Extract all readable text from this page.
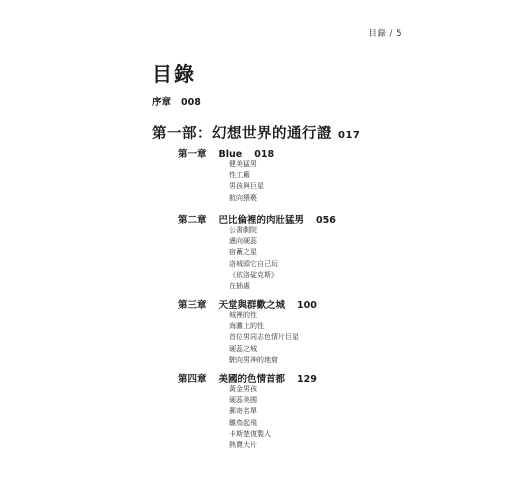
目錄 / 5
目錄
序章 008
第一部：幻想世界的通行證 017
第一章 Blue 018
健美猛男
性工廠
男孩與巨星
航向猥褻
第二章 巴比倫裡的肉壯猛男 056
公書劇院
邁向硬蕊
宿蓄之星
洛城頭它自己玩
《依洛碇克斯》
在插處
第三章 天堂與群歡之城 100
城裡的性
海灘上的性
首位男同志色情片巨星
硬蕊之城
駛向男神的地窟
第四章 美國的色情首都 129
黃金男孩
硬蕊美國
郵寄名單
雛鳥起飛
卡斯楚復製人
熱賣大片
